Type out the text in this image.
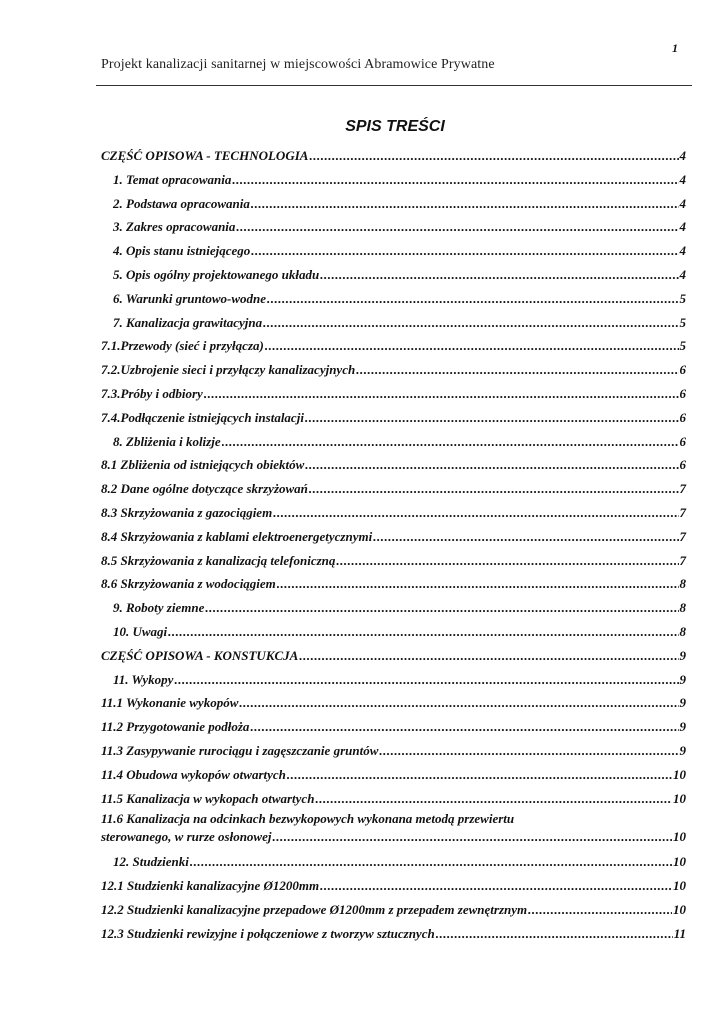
1
Projekt kanalizacji sanitarnej w miejscowości Abramowice Prywatne
SPIS TREŚCI
CZĘŚĆ OPISOWA - TECHNOLOGIA .....	4
1. Temat opracowania .....	4
2. Podstawa opracowania .....	4
3. Zakres opracowania .....	4
4. Opis stanu istniejącego .....	4
5. Opis ogólny projektowanego układu .....	4
6. Warunki gruntowo-wodne .....	5
7. Kanalizacja grawitacyjna .....	5
7.1.Przewody (sieć i przyłącza) .....	5
7.2.Uzbrojenie sieci i przyłączy kanalizacyjnych .....	6
7.3.Próby i odbiory .....	6
7.4.Podłączenie istniejących instalacji .....	6
8. Zbliżenia i kolizje .....	6
8.1 Zbliżenia od istniejących obiektów .....	6
8.2 Dane ogólne dotyczące skrzyżowań .....	7
8.3 Skrzyżowania z gazociągiem .....	7
8.4 Skrzyżowania z kablami elektroenergetycznymi .....	7
8.5 Skrzyżowania z kanalizacją telefoniczną .....	7
8.6 Skrzyżowania z wodociągiem .....	8
9. Roboty ziemne .....	8
10. Uwagi .....	8
CZĘŚĆ OPISOWA - KONSTUKCJA .....	9
11. Wykopy .....	9
11.1 Wykonanie wykopów .....	9
11.2 Przygotowanie podłoża .....	9
11.3 Zasypywanie rurociągu i zagęszczanie gruntów .....	9
11.4 Obudowa wykopów otwartych .....	10
11.5 Kanalizacja w wykopach otwartych .....	10
11.6 Kanalizacja na odcinkach bezwykopowych wykonana metodą przewiertu
sterowanego, w rurze osłonowej .....	10
12. Studzienki .....	10
12.1 Studzienki kanalizacyjne Ø1200mm .....	10
12.2 Studzienki kanalizacyjne przepadowe Ø1200mm z przepadem zewnętrznym .....	10
12.3 Studzienki rewizyjne i połączeniowe z tworzyw sztucznych .....	11
